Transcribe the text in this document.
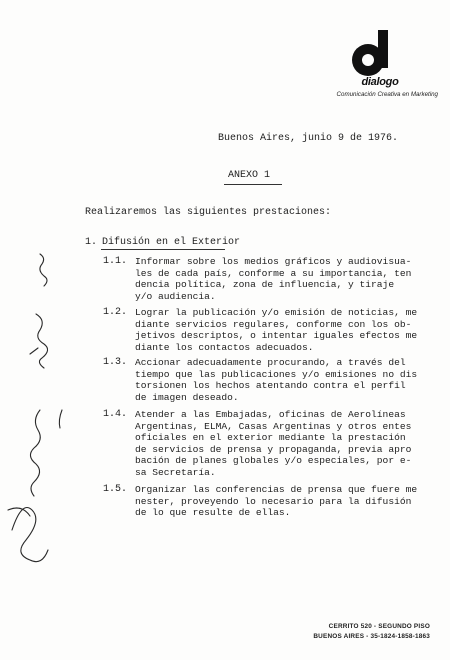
dialogo
Comunicación Creativa en Marketing
Buenos Aires, junio 9 de 1976.
ANEXO 1
Realizaremos las siguientes prestaciones:
1. Difusión en el Exterior
1.1. Informar sobre los medios gráficos y audiovisua-
les de cada país, conforme a su importancia, ten
dencia política, zona de influencia, y tiraje
y/o audiencia.
1.2. Lograr la publicación y/o emisión de noticias, me
diante servicios regulares, conforme con los ob-
jetivos descriptos, o intentar iguales efectos me
diante los contactos adecuados.
1.3. Accionar adecuadamente procurando, a través del
tiempo que las publicaciones y/o emisiones no dis
torsionen los hechos atentando contra el perfil
de imagen deseado.
1.4. Atender a las Embajadas, oficinas de Aerolíneas
Argentinas, ELMA, Casas Argentinas y otros entes
oficiales en el exterior mediante la prestación
de servicios de prensa y propaganda, previa apro
bación de planes globales y/o especiales, por e-
sa Secretaría.
1.5. Organizar las conferencias de prensa que fuere me
nester, proveyendo lo necesario para la difusión
de lo que resulte de ellas.
CERRITO 520 - SEGUNDO PISO
BUENOS AIRES - 35-1824-1858-1863
